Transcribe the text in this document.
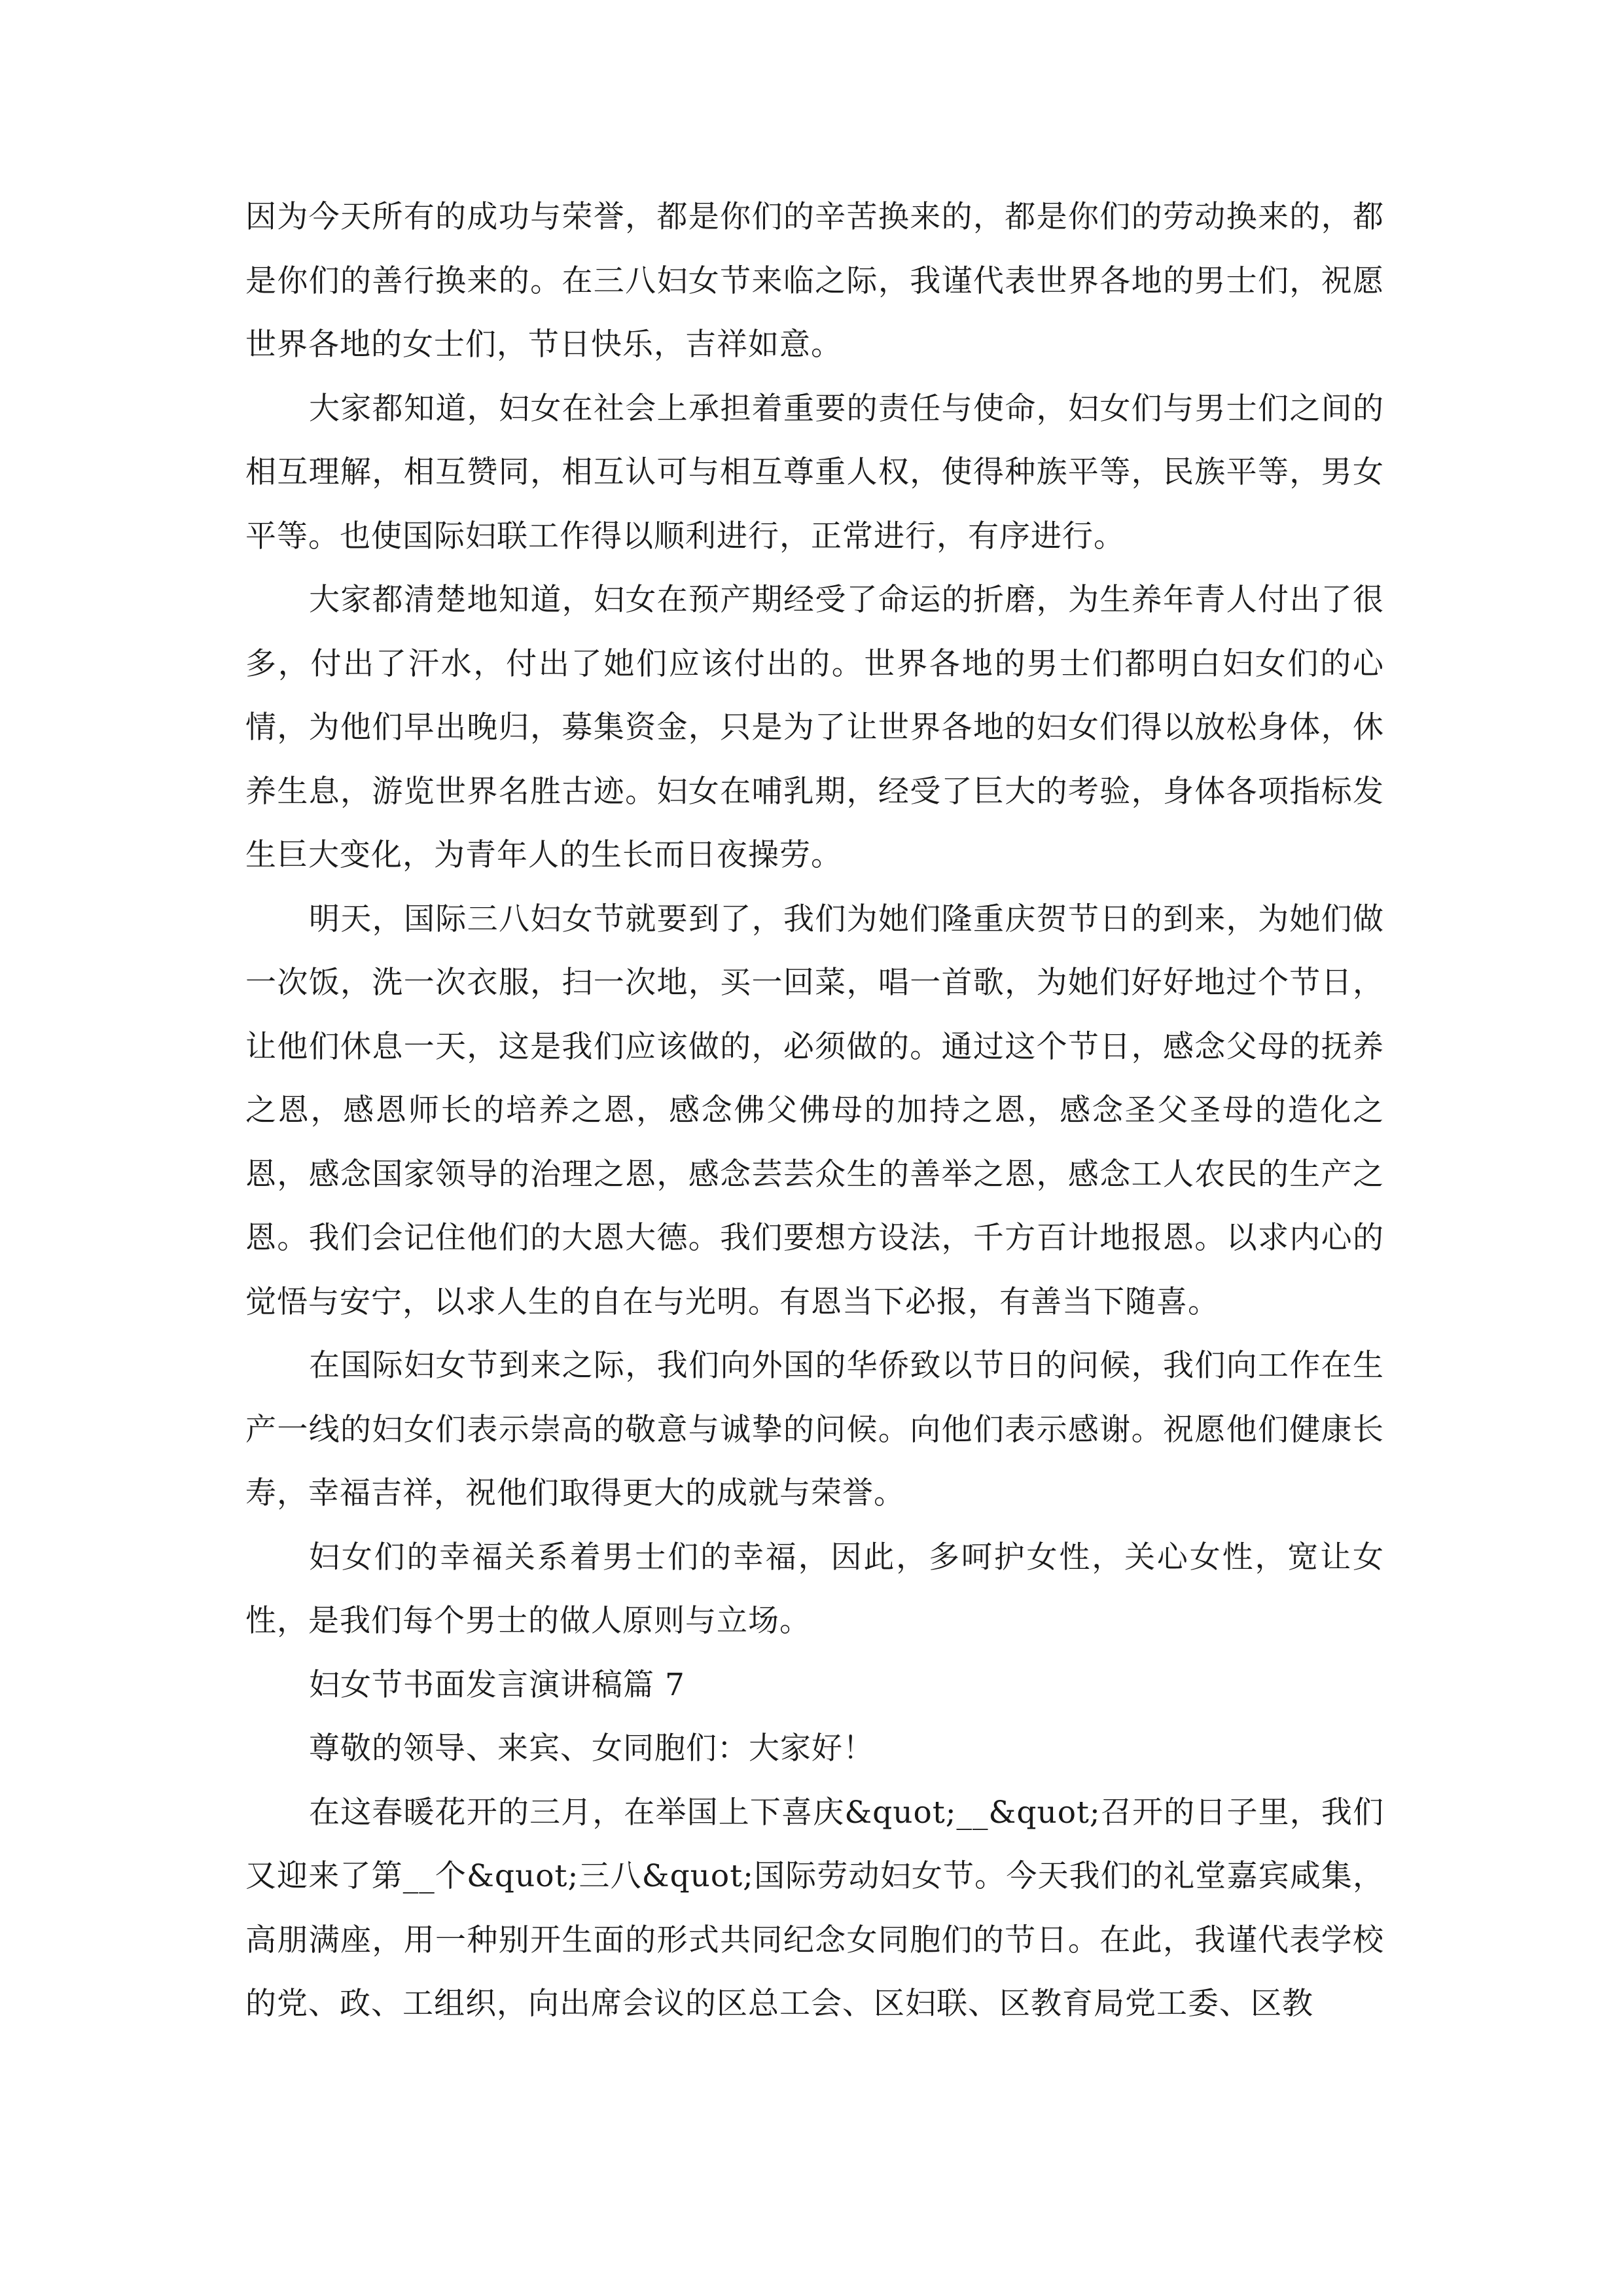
因为今天所有的成功与荣誉，都是你们的辛苦换来的，都是你们的劳动换来的，都是你们的善行换来的。在三八妇女节来临之际，我谨代表世界各地的男士们，祝愿世界各地的女士们，节日快乐，吉祥如意。

大家都知道，妇女在社会上承担着重要的责任与使命，妇女们与男士们之间的相互理解，相互赞同，相互认可与相互尊重人权，使得种族平等，民族平等，男女平等。也使国际妇联工作得以顺利进行，正常进行，有序进行。

大家都清楚地知道，妇女在预产期经受了命运的折磨，为生养年青人付出了很多，付出了汗水，付出了她们应该付出的。世界各地的男士们都明白妇女们的心情，为他们早出晚归，募集资金，只是为了让世界各地的妇女们得以放松身体，休养生息，游览世界名胜古迹。妇女在哺乳期，经受了巨大的考验，身体各项指标发生巨大变化，为青年人的生长而日夜操劳。

明天，国际三八妇女节就要到了，我们为她们隆重庆贺节日的到来，为她们做一次饭，洗一次衣服，扫一次地，买一回菜，唱一首歌，为她们好好地过个节日，让他们休息一天，这是我们应该做的，必须做的。通过这个节日，感念父母的抚养之恩，感恩师长的培养之恩，感念佛父佛母的加持之恩，感念圣父圣母的造化之恩，感念国家领导的治理之恩，感念芸芸众生的善举之恩，感念工人农民的生产之恩。我们会记住他们的大恩大德。我们要想方设法，千方百计地报恩。以求内心的觉悟与安宁，以求人生的自在与光明。有恩当下必报，有善当下随喜。

在国际妇女节到来之际，我们向外国的华侨致以节日的问候，我们向工作在生产一线的妇女们表示崇高的敬意与诚挚的问候。向他们表示感谢。祝愿他们健康长寿，幸福吉祥，祝他们取得更大的成就与荣誉。

妇女们的幸福关系着男士们的幸福，因此，多呵护女性，关心女性，宽让女性，是我们每个男士的做人原则与立场。

妇女节书面发言演讲稿篇 7

尊敬的领导、来宾、女同胞们：大家好！

在这春暖花开的三月，在举国上下喜庆&quot;__&quot;召开的日子里，我们又迎来了第__个&quot;三八&quot;国际劳动妇女节。今天我们的礼堂嘉宾咸集，高朋满座，用一种别开生面的形式共同纪念女同胞们的节日。在此，我谨代表学校的党、政、工组织，向出席会议的区总工会、区妇联、区教育局党工委、区教
